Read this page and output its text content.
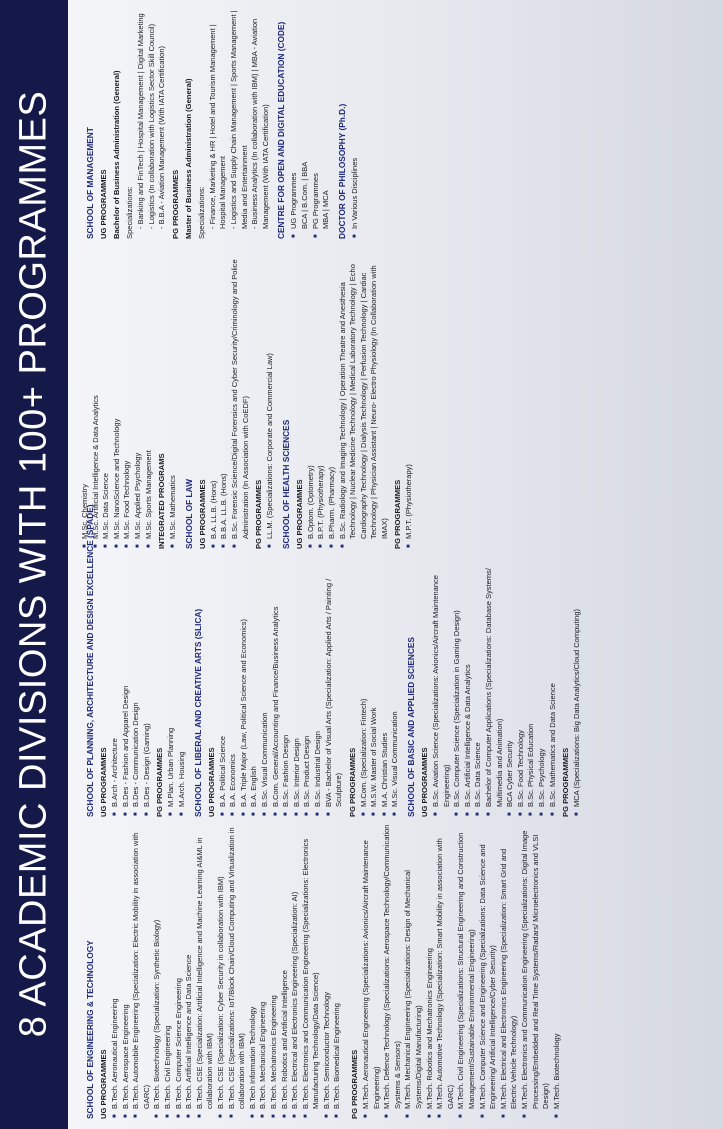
8 ACADEMIC DIVISIONS WITH 100+ PROGRAMMES	SCHOOL OF ENGINEERING & TECHNOLOGY UG PROGRAMMES ■ B.Tech. Aeronautical Engineering ■ B.Tech. Aerospace Engineering ■ B.Tech. Automobile Engineering (Specialization: Electric Mobility in association with GARC) ■ B.Tech. Biotechnology (Specialization: Synthetic Biology) ■ B.Tech. Civil Engineering ■ B.Tech. Computer Science Engineering ■ B.Tech. Artificial Intelligence and Data Science ■ B.Tech. CSE (Specialization: Artificial Intelligence and Machine Learning AI&ML in collaboration with IBM) ■ B.Tech. CSE (Specialization: Cyber Security in collaboration with IBM) ■ B.Tech. CSE (Specializations: IoT/Block Chain/Cloud Computing and Virtualization in collaboration with IBM) ■ B.Tech Information Technology ■ B.Tech. Mechanical Engineering ■ B.Tech. Mechatronics Engineering ■ B.Tech. Robotics and Artificial Intelligence ■ B.Tech. Electrical and Electronics Engineering (Specialization: AI) ■ B.Tech. Electronics and Communication Engineering (Specializations: Electronics Manufacturing Technology/Data Science) ■ B.Tech. Semiconductor Technology ■ B.Tech. Biomedical Engineering PG PROGRAMMES ■ M.Tech. Aeronautical Engineering (Specializations: Avionics/Aircraft Maintenance Engineering) ■ M.Tech. Defence Technology (Specializations: Aerospace Technology/Communication Systems & Sensors) ■ M.Tech. Mechanical Engineering (Specializations: Design of Mechanical Systems/Digital Manufacturing) ■ M.Tech. Robotics and Mechatronics Engineering ■ M.Tech. Automotive Technology (Specialization: Smart Mobility in association with GARC) ■ M.Tech. Civil Engineering (Specializations: Structural Engineering and Construction Management/Sustainable Environmental Engineering) ■ M.Tech. Computer Science and Engineering (Specializations: Data Science and Engineering/ Artificial Intelligence/Cyber Security) ■ M.Tech. Electrical and Electronics Engineering (Specialization: Smart Grid and Electric Vehicle Technology) ■ M.Tech. Electronics and Communication Engineering (Specializations: Digital Image Processing/Embedded and Real Time Systems/Radars/ Microelectronics and VLSI Design) ■ M.Tech. Biotechnology
SCHOOL OF PLANNING, ARCHITECTURE AND DESIGN EXCELLENCE (SPADE) UG PROGRAMMES ■ B.Arch - Architecture ■ B.Des - Fashion and Apparel Design ■ B.Des - Communication Design ■ B.Des - Design (Gaming) PG PROGRAMMES ■ M.Plan. Urban Planning ■ M.Arch. Housing SCHOOL OF LIBERAL AND CREATIVE ARTS (SLICA) UG PROGRAMMES ■ B.A. Political Science ■ B.A. Economics ■ B.A. Triple Major (Law, Political Science and Economics) ■ B.A. English ■ B.Sc. Visual Communication ■ B.Com. General/Accounting and Finance/Business Analytics ■ B.Sc. Fashion Design ■ B.Sc. Interior Design ■ B.Sc. Product Design ■ B.Sc. Industrial Design ■ BVA - Bachelor of Visual Arts (Specialization: Applied Arts / Painting / Sculpture) PG PROGRAMMES ■ M.Com. (Specialization: Fintech) ■ M.S.W. Master of Social Work ■ M.A. Christian Studies ■ M.Sc. Visual Communication SCHOOL OF BASIC AND APPLIED SCIENCES UG PROGRAMMES ■ B.Sc. Aviation Science (Specializations: Avionics/Aircraft Maintenance Engineering) ■ B.Sc. Computer Science (Specialization in Gaming Design) ■ B.Sc. Artificial Intelligence & Data Analytics ■ B.Sc. Data Science ■ Bachelor of Computer Applications (Specializations: Database Systems/ Multimedia and Animation) ■ BCA Cyber Security ■ B.Sc. Food Technology ■ B.Sc. Physical Education ■ B.Sc. Psychology ■ B.Sc. Mathematics and Data Science PG PROGRAMMES ■ MCA (Specializations: Big Data Analytics/Cloud Computing)
■ M.Sc. Chemistry ■ M.Sc. Artificial Intelligence & Data Analytics ■ M.Sc. Data Science ■ M.Sc. NanoScience and Technology ■ M.Sc. Food Technology ■ M.Sc. Applied Psychology ■ M.Sc. Sports Management INTEGRATED PROGRAMS ■ M.Sc. Mathematics SCHOOL OF LAW UG PROGRAMMES ■ B.A. LL.B. (Hons) ■ B.B.A. LL.B. (Hons) ■ B.Sc. Forensic Science/Digital Forensics and Cyber Security/Criminology and Police Administration (In Association with CoEDF) PG PROGRAMMES ■ LL.M. (Specializations: Corporate and Commercial Law) SCHOOL OF HEALTH SCIENCES UG PROGRAMMES ■ B.Optom. (Optometry) ■ B.P.T. (Physiotherapy) ■ B.Pharm. (Pharmacy) ■ B.Sc. Radiology and Imaging Technology | Operation Theatre and Anesthesia Technology | Nuclear Medicine Technology | Medical Laboratory Technology | Echo Cardiography Technology | Dialysis Technology | Perfusion Technology | Cardiac Technology | Physician Assistant | Neuro- Electro Physiology (In Collaboration with IMAX) PG PROGRAMMES ■ M.P.T. (Physiotherapy)
SCHOOL OF MANAGEMENT UG PROGRAMMES Bachelor of Business Administration (General) Specializations: - Banking and FinTech | Hospital Management | Digital Marketing - Logistics (In collaboration with Logistics Sector Skill Council) - B.B.A - Aviation Management (With IATA Certification) PG PROGRAMMES Master of Business Administration (General) Specializations: - Finance, Marketing & HR | Hotel and Tourism Management | Hospital Management - Logistics and Supply Chain Management | Sports Management | Media and Entertainment - Business Analytics (In collaboration with IBM) | MBA - Aviation Management (With IATA Certification) CENTRE FOR OPEN AND DIGITAL EDUCATION (CODE) ■ UG Programmes BCA | B.Com. | BBA ■ PG Programmes MBA | MCA DOCTOR OF PHILOSOPHY (Ph.D.) ■ In Various Disciplines
